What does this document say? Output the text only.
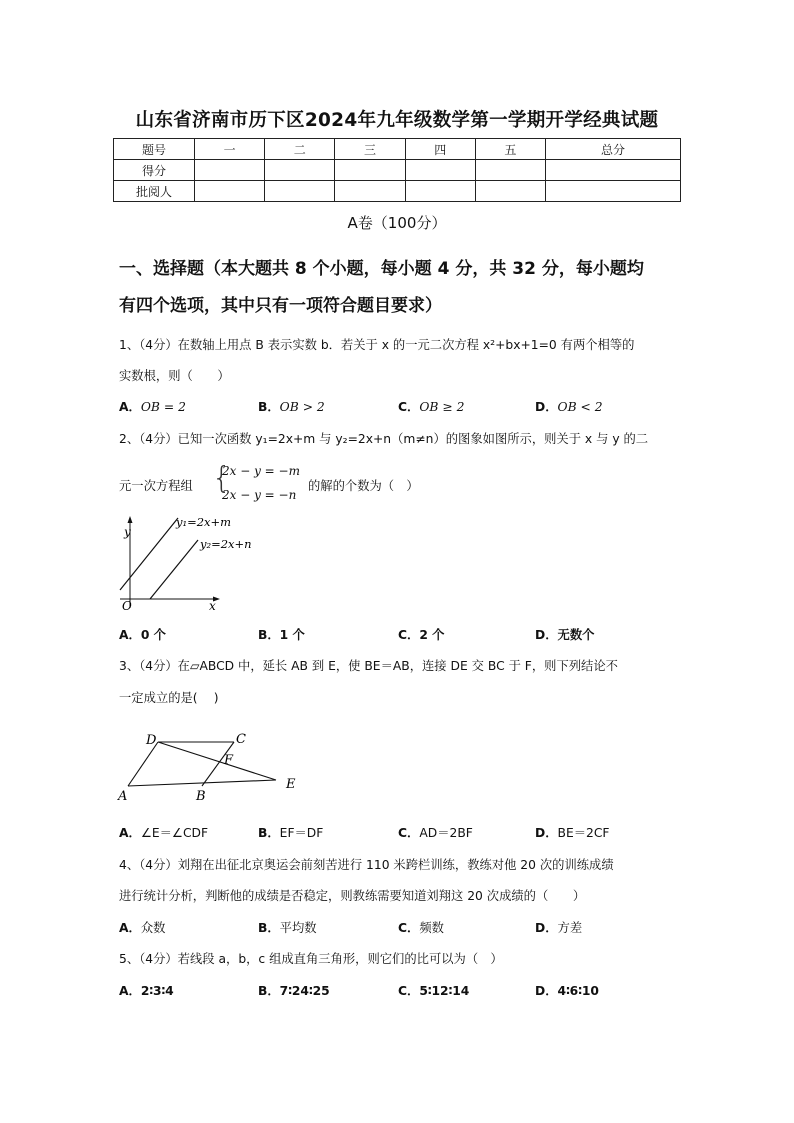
山东省济南市历下区2024年九年级数学第一学期开学经典试题
题号	一	二	三	四	五	总分
得分						
批阅人						
A卷（100分）
一、选择题（本大题共 8 个小题，每小题 4 分，共 32 分，每小题均
有四个选项，其中只有一项符合题目要求）
1、（4分）在数轴上用点 B 表示实数 b．若关于 x 的一元二次方程 x²+bx+1=0 有两个相等的
实数根，则（　　）
A．OB = 2	B．OB > 2	C．OB ≥ 2	D．OB < 2
2、（4分）已知一次函数 y₁=2x+m 与 y₂=2x+n（m≠n）的图象如图所示，则关于 x 与 y 的二
元一次方程组 {
2x − y = −m
2x − y = −n
的解的个数为（　）
y
x
O
y₁=2x+m
y₂=2x+n
A．0 个	B．1 个	C．2 个	D．无数个
3、（4分）在▱ABCD 中，延长 AB 到 E，使 BE＝AB，连接 DE 交 BC 于 F，则下列结论不
一定成立的是(　 )
D	C
F
A	B
E
A．∠E＝∠CDF	B．EF＝DF	C．AD＝2BF	D．BE＝2CF
4、（4分）刘翔在出征北京奥运会前刻苦进行 110 米跨栏训练，教练对他 20 次的训练成绩
进行统计分析，判断他的成绩是否稳定，则教练需要知道刘翔这 20 次成绩的（　　）
A．众数	B．平均数	C．频数	D．方差
5、（4分）若线段 a，b，c 组成直角三角形，则它们的比可以为（　）
A．2∶3∶4	B．7∶24∶25	C．5∶12∶14	D．4∶6∶10
